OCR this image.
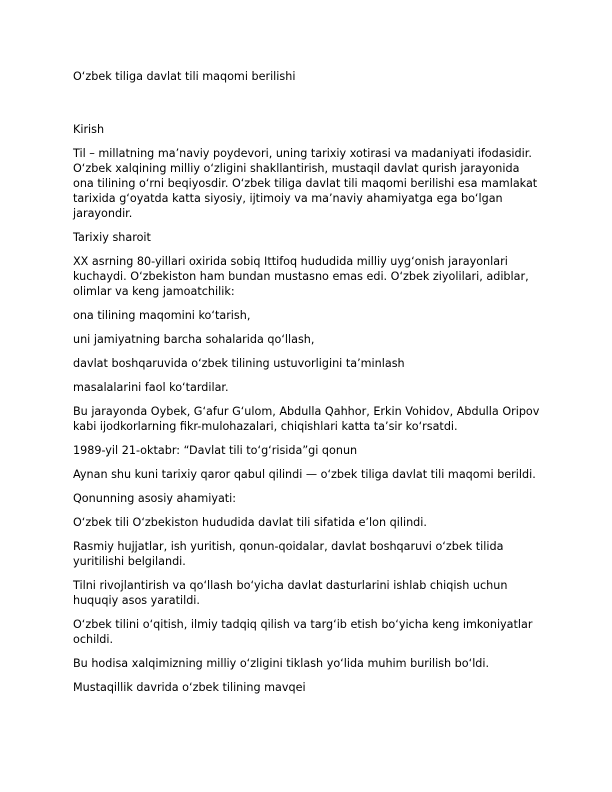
O‘zbek tiliga davlat tili maqomi berilishi

Kirish

Til – millatning ma’naviy poydevori, uning tarixiy xotirasi va madaniyati ifodasidir. O‘zbek xalqining milliy o‘zligini shakllantirish, mustaqil davlat qurish jarayonida ona tilining o‘rni beqiyosdir. O‘zbek tiliga davlat tili maqomi berilishi esa mamlakat tarixida g‘oyatda katta siyosiy, ijtimoiy va ma’naviy ahamiyatga ega bo‘lgan jarayondir.

Tarixiy sharoit

XX asrning 80-yillari oxirida sobiq Ittifoq hududida milliy uyg‘onish jarayonlari kuchaydi. O‘zbekiston ham bundan mustasno emas edi. O‘zbek ziyolilari, adiblar, olimlar va keng jamoatchilik:

ona tilining maqomini ko‘tarish,

uni jamiyatning barcha sohalarida qo‘llash,

davlat boshqaruvida o‘zbek tilining ustuvorligini ta’minlash

masalalarini faol ko‘tardilar.

Bu jarayonda Oybek, G‘afur G‘ulom, Abdulla Qahhor, Erkin Vohidov, Abdulla Oripov kabi ijodkorlarning fikr-mulohazalari, chiqishlari katta ta’sir ko‘rsatdi.

1989-yil 21-oktabr: “Davlat tili to‘g‘risida”gi qonun

Aynan shu kuni tarixiy qaror qabul qilindi — o‘zbek tiliga davlat tili maqomi berildi.

Qonunning asosiy ahamiyati:

O‘zbek tili O‘zbekiston hududida davlat tili sifatida e’lon qilindi.

Rasmiy hujjatlar, ish yuritish, qonun-qoidalar, davlat boshqaruvi o‘zbek tilida yuritilishi belgilandi.

Tilni rivojlantirish va qo‘llash bo‘yicha davlat dasturlarini ishlab chiqish uchun huquqiy asos yaratildi.

O‘zbek tilini o‘qitish, ilmiy tadqiq qilish va targ‘ib etish bo‘yicha keng imkoniyatlar ochildi.

Bu hodisa xalqimizning milliy o‘zligini tiklash yo‘lida muhim burilish bo‘ldi.

Mustaqillik davrida o‘zbek tilining mavqei
